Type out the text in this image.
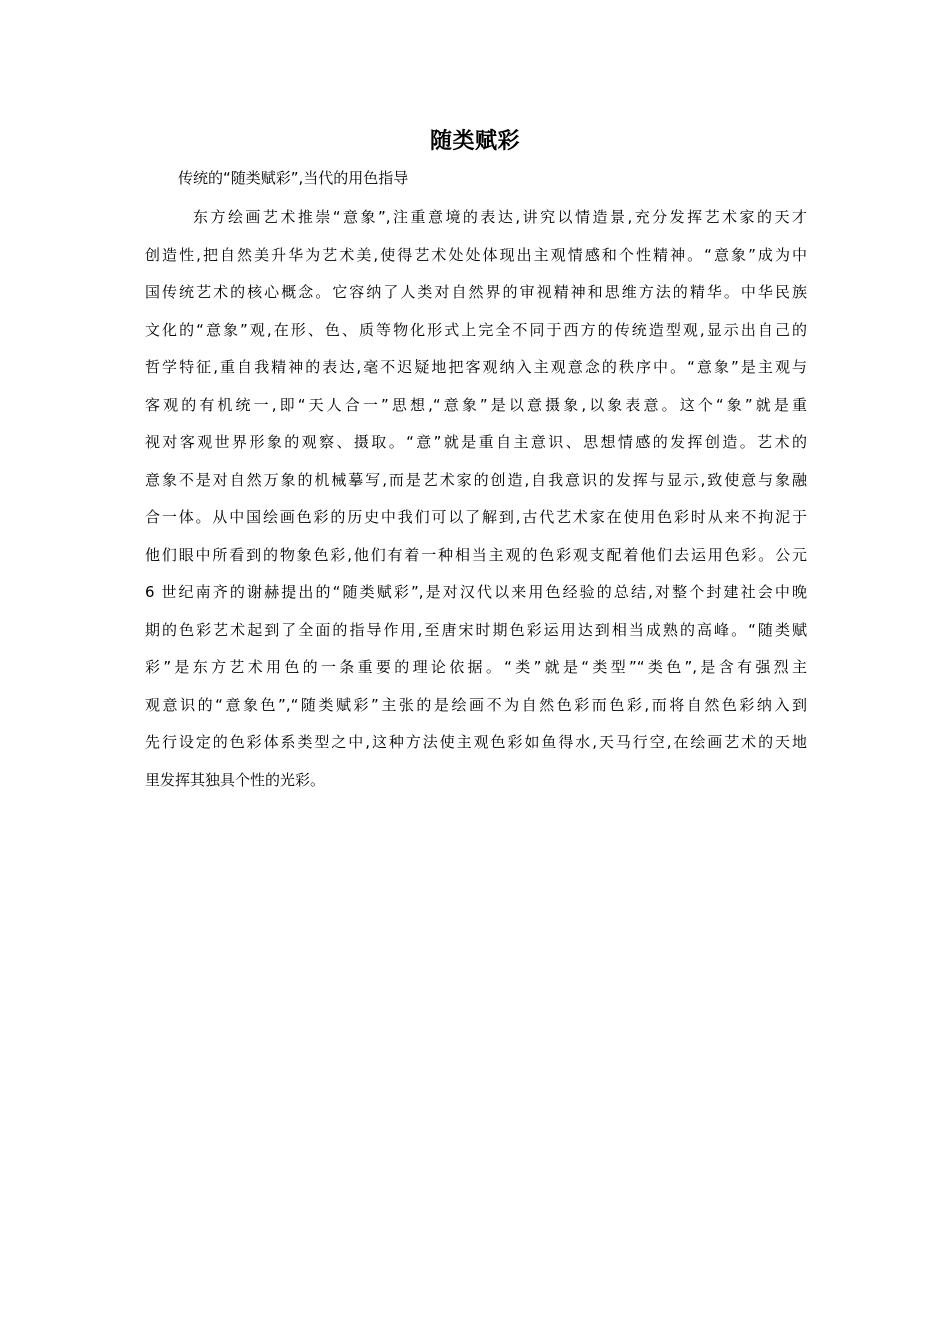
随类赋彩
传统的“随类赋彩”,当代的用色指导
东方绘画艺术推崇“意象”,注重意境的表达,讲究以情造景,充分发挥艺术家的天才
创造性,把自然美升华为艺术美,使得艺术处处体现出主观情感和个性精神。“意象”成为中
国传统艺术的核心概念。它容纳了人类对自然界的审视精神和思维方法的精华。中华民族
文化的“意象”观,在形、色、质等物化形式上完全不同于西方的传统造型观,显示出自己的
哲学特征,重自我精神的表达,毫不迟疑地把客观纳入主观意念的秩序中。“意象”是主观与
客观的有机统一,即“天人合一”思想,“意象”是以意摄象,以象表意。这个“象”就是重
视对客观世界形象的观察、摄取。“意”就是重自主意识、思想情感的发挥创造。艺术的
意象不是对自然万象的机械摹写,而是艺术家的创造,自我意识的发挥与显示,致使意与象融
合一体。从中国绘画色彩的历史中我们可以了解到,古代艺术家在使用色彩时从来不拘泥于
他们眼中所看到的物象色彩,他们有着一种相当主观的色彩观支配着他们去运用色彩。公元
6 世纪南齐的谢赫提出的“随类赋彩”,是对汉代以来用色经验的总结,对整个封建社会中晚
期的色彩艺术起到了全面的指导作用,至唐宋时期色彩运用达到相当成熟的高峰。“随类赋
彩”是东方艺术用色的一条重要的理论依据。“类”就是“类型”“类色”,是含有强烈主
观意识的“意象色”,“随类赋彩”主张的是绘画不为自然色彩而色彩,而将自然色彩纳入到
先行设定的色彩体系类型之中,这种方法使主观色彩如鱼得水,天马行空,在绘画艺术的天地
里发挥其独具个性的光彩。
